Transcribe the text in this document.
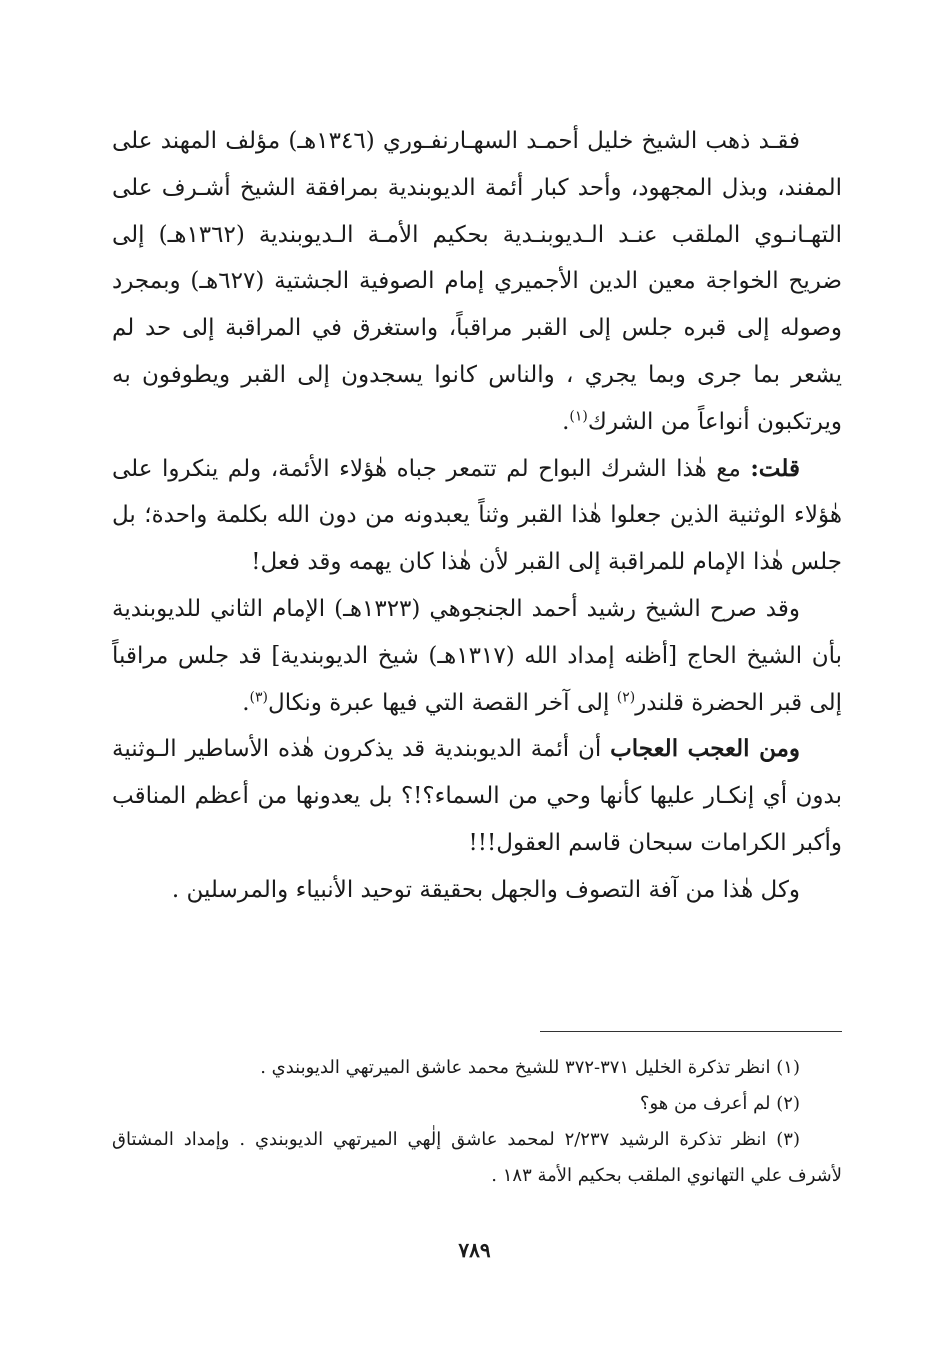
فقـد ذهب الشيخ خليل أحمـد السهـارنفـوري (١٣٤٦هـ) مؤلف المهند على المفند، وبذل المجهود، وأحد كبار أئمة الديوبندية بمرافقة الشيخ أشـرف على التهـانـوي الملقب عنـد الـديوبنـدية بحكيم الأمـة الـديوبندية (١٣٦٢هـ) إلى ضريح الخواجة معين الدين الأجميري إمام الصوفية الجشتية (٦٢٧هـ) وبمجرد وصوله إلى قبره جلس إلى القبر مراقباً، واستغرق في المراقبة إلى حد لم يشعر بما جرى وبما يجري ، والناس كانوا يسجدون إلى القبر ويطوفون به ويرتكبون أنواعاً من الشرك$^{(١)}$.

قلت: مع هٰذا الشرك البواح لم تتمعر جباه هٰؤلاء الأئمة، ولم ينكروا على هٰؤلاء الوثنية الذين جعلوا هٰذا القبر وثناً يعبدونه من دون الله بكلمة واحدة؛ بل جلس هٰذا الإمام للمراقبة إلى القبر لأن هٰذا كان يهمه وقد فعل!

وقد صرح الشيخ رشيد أحمد الجنجوهي (١٣٢٣هـ) الإمام الثاني للديوبندية بأن الشيخ الحاج [أظنه إمداد الله (١٣١٧هـ) شيخ الديوبندية] قد جلس مراقباً إلى قبر الحضرة قلندر$^{(٢)}$ إلى آخر القصة التي فيها عبرة ونكال$^{(٣)}$.

ومن العجب العجاب أن أئمة الديوبندية قد يذكرون هٰذه الأساطير الـوثنية بدون أي إنكـار عليها كأنها وحي من السماء؟!؟ بل يعدونها من أعظم المناقب وأكبر الكرامات سبحان قاسم العقول!!!

وكل هٰذا من آفة التصوف والجهل بحقيقة توحيد الأنبياء والمرسلين .

(١) انظر تذكرة الخليل ٣٧١-٣٧٢ للشيخ محمد عاشق الميرتهي الديوبندي .

(٢) لم أعرف من هو؟

(٣) انظر تذكرة الرشيد ٢/٢٣٧ لمحمد عاشق إلٰهي الميرتهي الديوبندي . وإمداد المشتاق لأشرف علي التهانوي الملقب بحكيم الأمة ١٨٣ .

٧٨٩
